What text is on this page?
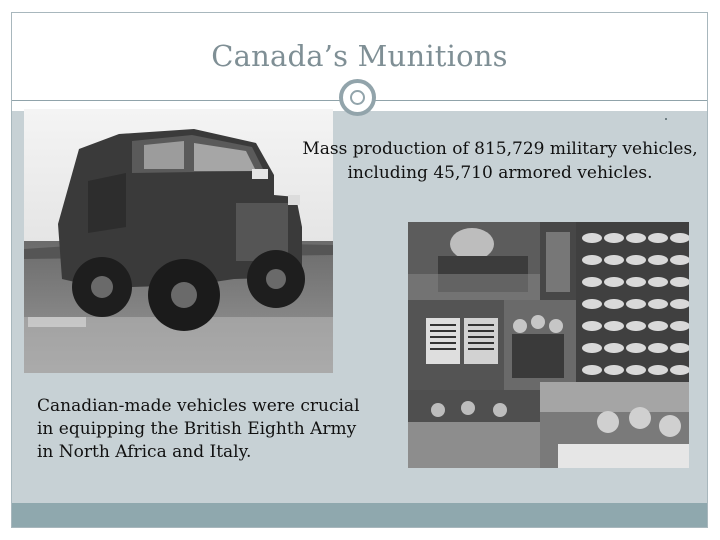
Canada’s Munitions
Mass production of 815,729 military vehicles, including 45,710 armored vehicles.
Canadian-made vehicles were crucial in equipping the British Eighth Army in North Africa and Italy.
